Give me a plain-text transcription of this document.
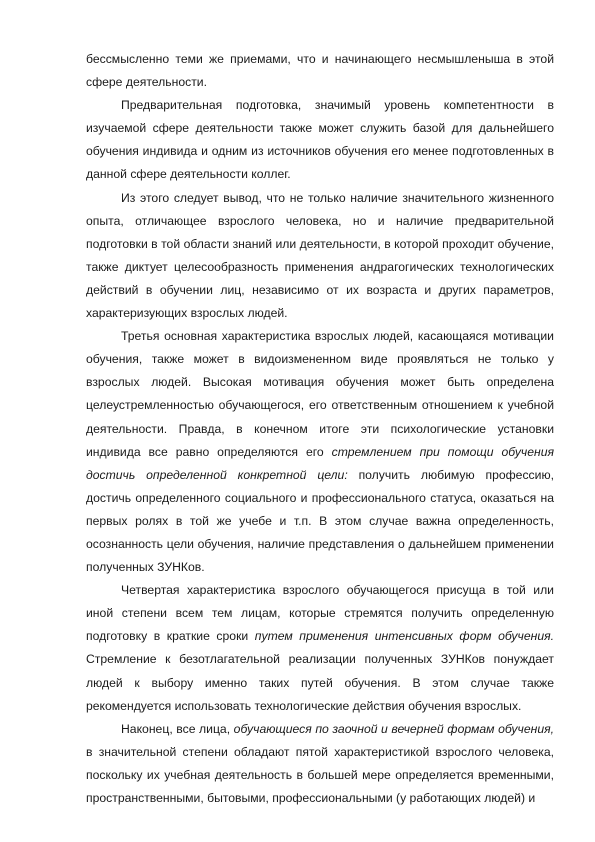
бессмысленно теми же приемами, что и начинающего несмышленыша в этой сфере деятельности.

Предварительная подготовка, значимый уровень компетентности в изучаемой сфере деятельности также может служить базой для дальнейшего обучения индивида и одним из источников обучения его менее подготовленных в данной сфере деятельности коллег.

Из этого следует вывод, что не только наличие значительного жизненного опыта, отличающее взрослого человека, но и наличие предварительной подготовки в той области знаний или деятельности, в которой проходит обучение, также диктует целесообразность применения андрагогических технологических действий в обучении лиц, независимо от их возраста и других параметров, характеризующих взрослых людей.

Третья основная характеристика взрослых людей, касающаяся мотивации обучения, также может в видоизмененном виде проявляться не только у взрослых людей. Высокая мотивация обучения может быть определена целеустремленностью обучающегося, его ответственным отношением к учебной деятельности. Правда, в конечном итоге эти психологические установки индивида все равно определяются его стремлением при помощи обучения достичь определенной конкретной цели: получить любимую профессию, достичь определенного социального и профессионального статуса, оказаться на первых ролях в той же учебе и т.п. В этом случае важна определенность, осознанность цели обучения, наличие представления о дальнейшем применении полученных ЗУНКов.

Четвертая характеристика взрослого обучающегося присуща в той или иной степени всем тем лицам, которые стремятся получить определенную подготовку в краткие сроки путем применения интенсивных форм обучения. Стремление к безотлагательной реализации полученных ЗУНКов понуждает людей к выбору именно таких путей обучения. В этом случае также рекомендуется использовать технологические действия обучения взрослых.

Наконец, все лица, обучающиеся по заочной и вечерней формам обучения, в значительной степени обладают пятой характеристикой взрослого человека, поскольку их учебная деятельность в большей мере определяется временными, пространственными, бытовыми, профессиональными (у работающих людей) и
